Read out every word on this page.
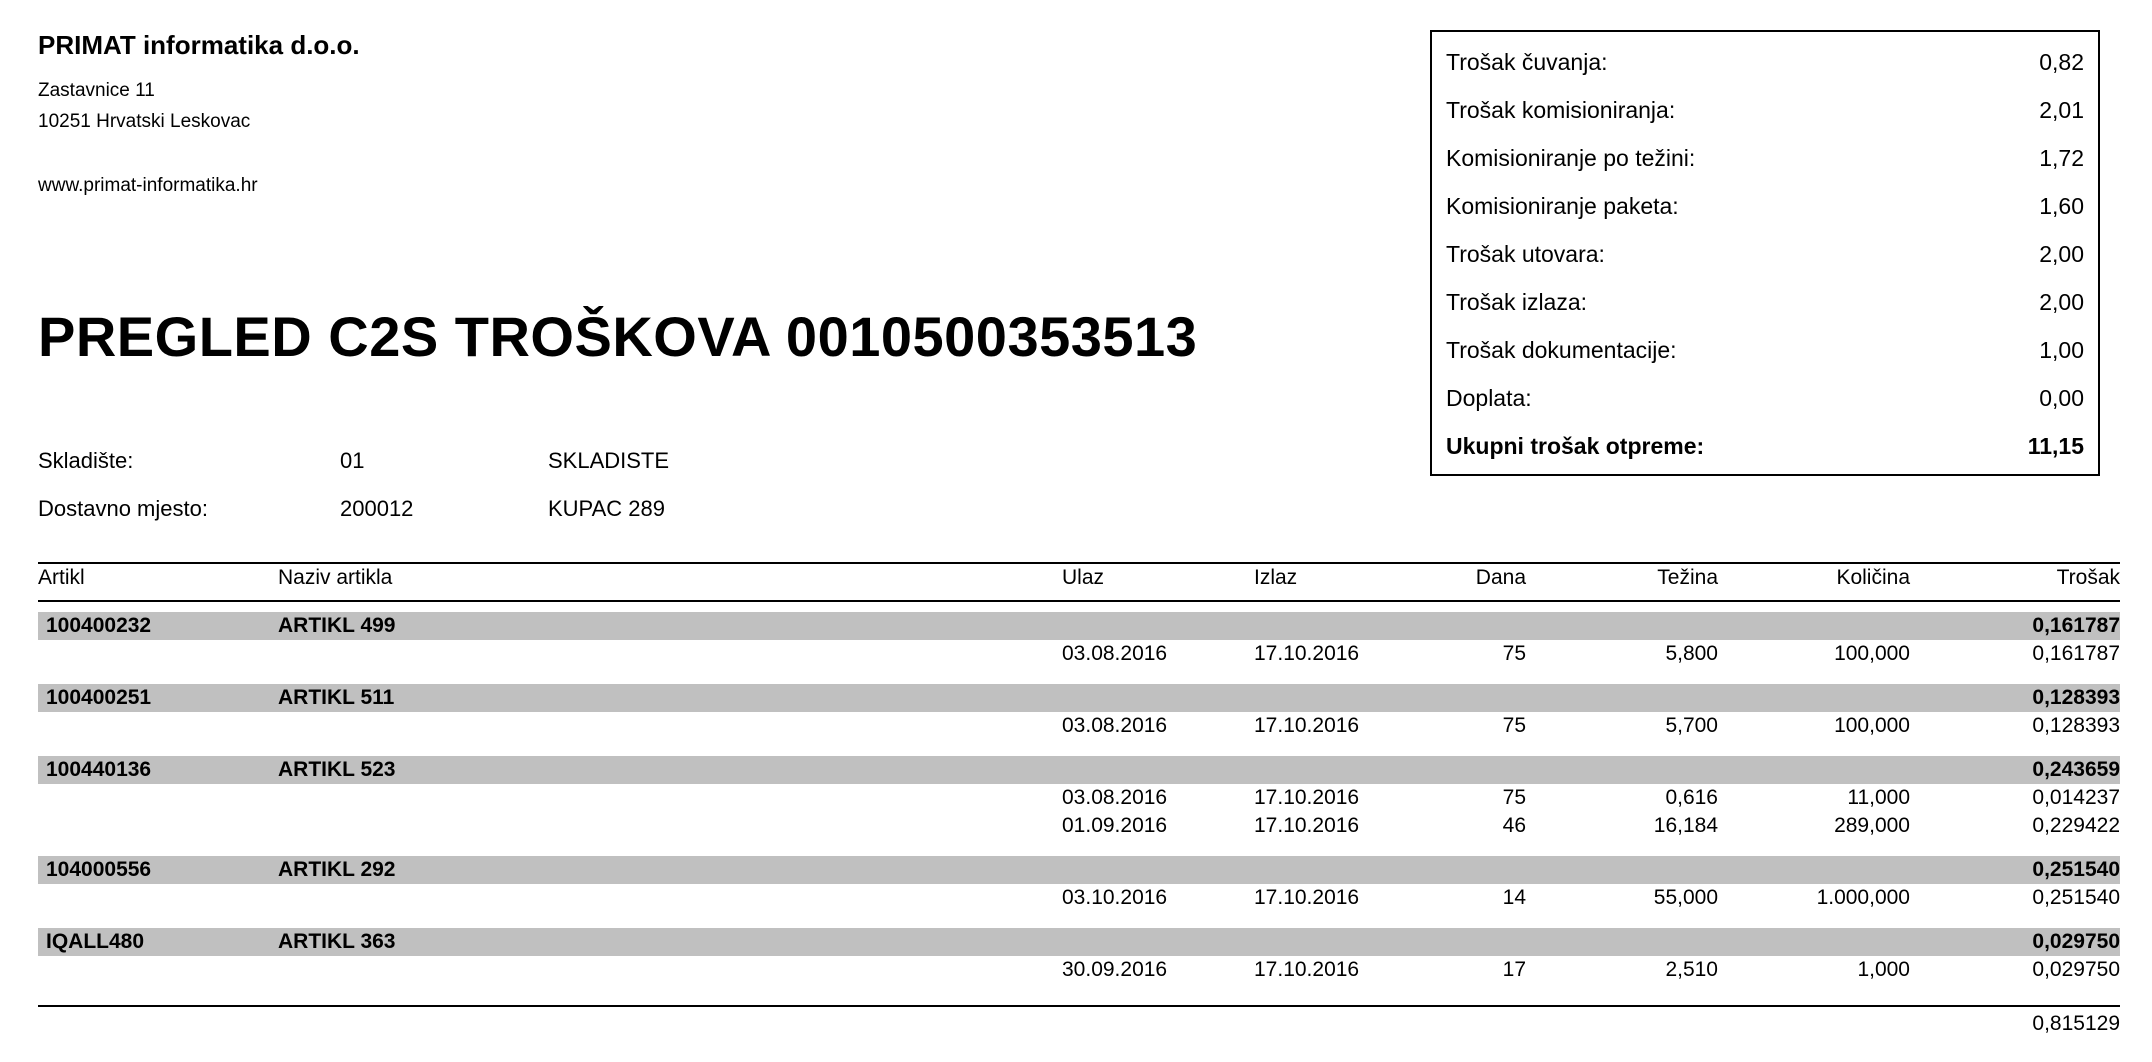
PRIMAT informatika d.o.o.
Zastavnice 11
10251 Hrvatski Leskovac
www.primat-informatika.hr
PREGLED C2S TROŠKOVA 0010500353513
Skladište:	01	SKLADISTE
Dostavno mjesto:	200012	KUPAC 289
Trošak čuvanja:	0,82
Trošak komisioniranja:	2,01
Komisioniranje po težini:	1,72
Komisioniranje paketa:	1,60
Trošak utovara:	2,00
Trošak izlaza:	2,00
Trošak dokumentacije:	1,00
Doplata:	0,00
Ukupni trošak otpreme:	11,15
Artikl	Naziv artikla	Ulaz	Izlaz	Dana	Težina	Količina	Trošak
100400232	ARTIKL 499	0,161787
03.08.2016	17.10.2016	75	5,800	100,000	0,161787
100400251	ARTIKL 511	0,128393
03.08.2016	17.10.2016	75	5,700	100,000	0,128393
100440136	ARTIKL 523	0,243659
03.08.2016	17.10.2016	75	0,616	11,000	0,014237
01.09.2016	17.10.2016	46	16,184	289,000	0,229422
104000556	ARTIKL 292	0,251540
03.10.2016	17.10.2016	14	55,000	1.000,000	0,251540
IQALL480	ARTIKL 363	0,029750
30.09.2016	17.10.2016	17	2,510	1,000	0,029750
0,815129
